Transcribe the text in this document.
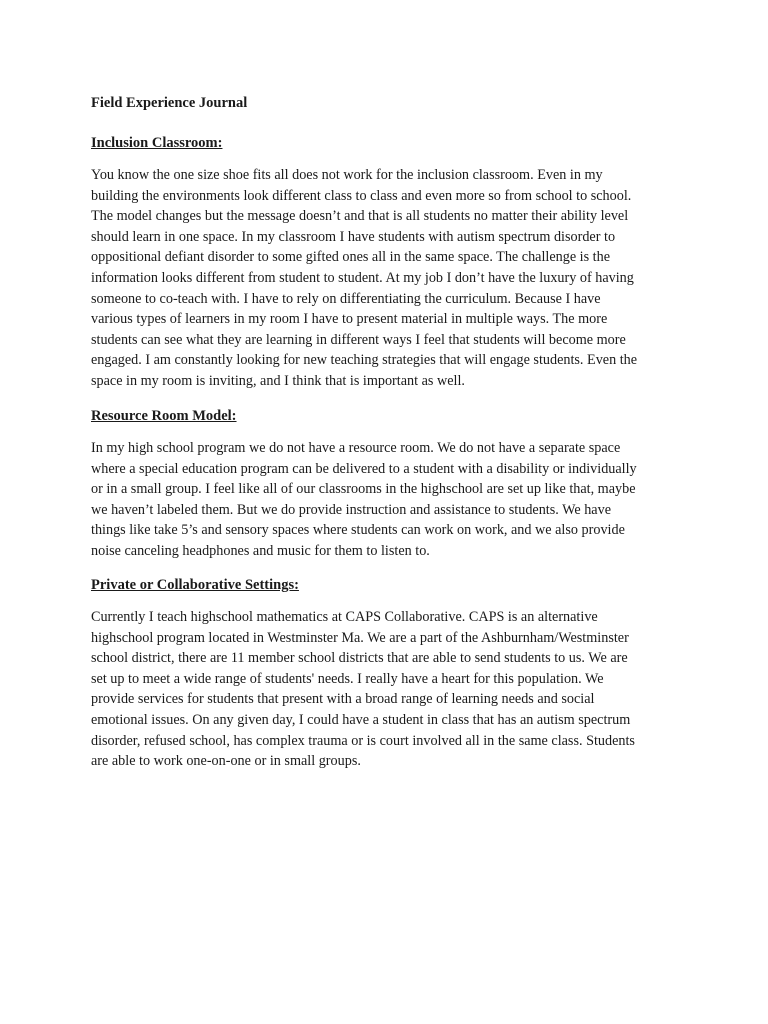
Field Experience Journal
Inclusion Classroom:
You know the one size shoe fits all does not work for the inclusion classroom. Even in my
building the environments look different class to class and even more so from school to school.
The model changes but the message doesn’t and that is all students no matter their ability level
should learn in one space. In my classroom I have students with autism spectrum disorder to
oppositional defiant disorder to some gifted ones all in the same space. The challenge is the
information looks different from student to student. At my job I don’t have the luxury of having
someone to co-teach with. I have to rely on differentiating the curriculum. Because I have
various types of learners in my room I have to present material in multiple ways. The more
students can see what they are learning in different ways I feel that students will become more
engaged. I am constantly looking for new teaching strategies that will engage students. Even the
space in my room is inviting, and I think that is important as well.
Resource Room Model:
In my high school program we do not have a resource room. We do not have a separate space
where a special education program can be delivered to a student with a disability or individually
or in a small group. I feel like all of our classrooms in the highschool are set up like that, maybe
we haven’t labeled them. But we do provide instruction and assistance to students. We have
things like take 5’s and sensory spaces where students can work on work, and we also provide
noise canceling headphones and music for them to listen to.
Private or Collaborative Settings:
Currently I teach highschool mathematics at CAPS Collaborative. CAPS is an alternative
highschool program located in Westminster Ma. We are a part of the Ashburnham/Westminster
school district, there are 11 member school districts that are able to send students to us. We are
set up to meet a wide range of students' needs. I really have a heart for this population. We
provide services for students that present with a broad range of learning needs and social
emotional issues. On any given day, I could have a student in class that has an autism spectrum
disorder, refused school, has complex trauma or is court involved all in the same class. Students
are able to work one-on-one or in small groups.
